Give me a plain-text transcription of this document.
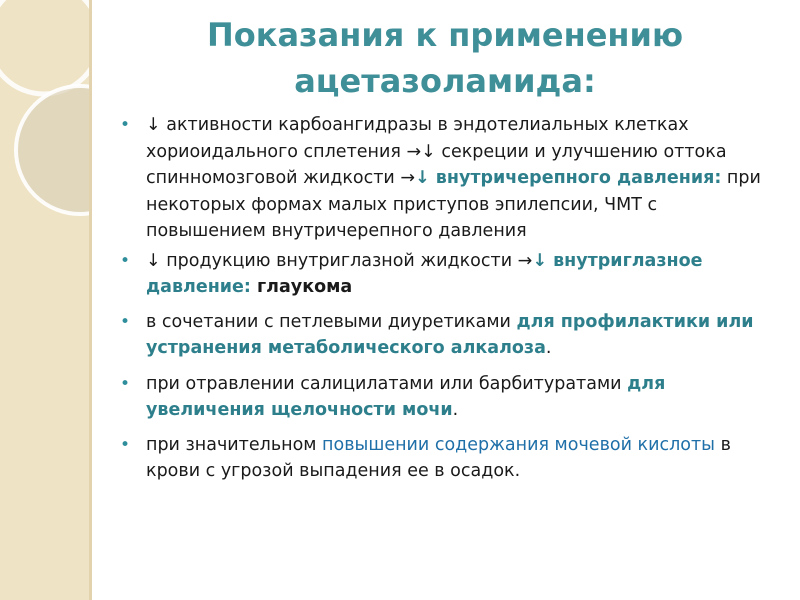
Показания к применению
ацетазоламида:
• ↓ активности карбоангидразы в эндотелиальных клетках хориоидального сплетения →↓ секреции и улучшению оттока спинномозговой жидкости →↓ внутричерепного давления: при некоторых формах малых приступов эпилепсии, ЧМТ с повышением внутричерепного давления
• ↓ продукцию внутриглазной жидкости →↓ внутриглазное давление: глаукома
• в сочетании с петлевыми диуретиками для профилактики или устранения метаболического алкалоза.
• при отравлении салицилатами или барбитуратами для увеличения щелочности мочи.
• при значительном повышении содержания мочевой кислоты в крови с угрозой выпадения ее в осадок.
